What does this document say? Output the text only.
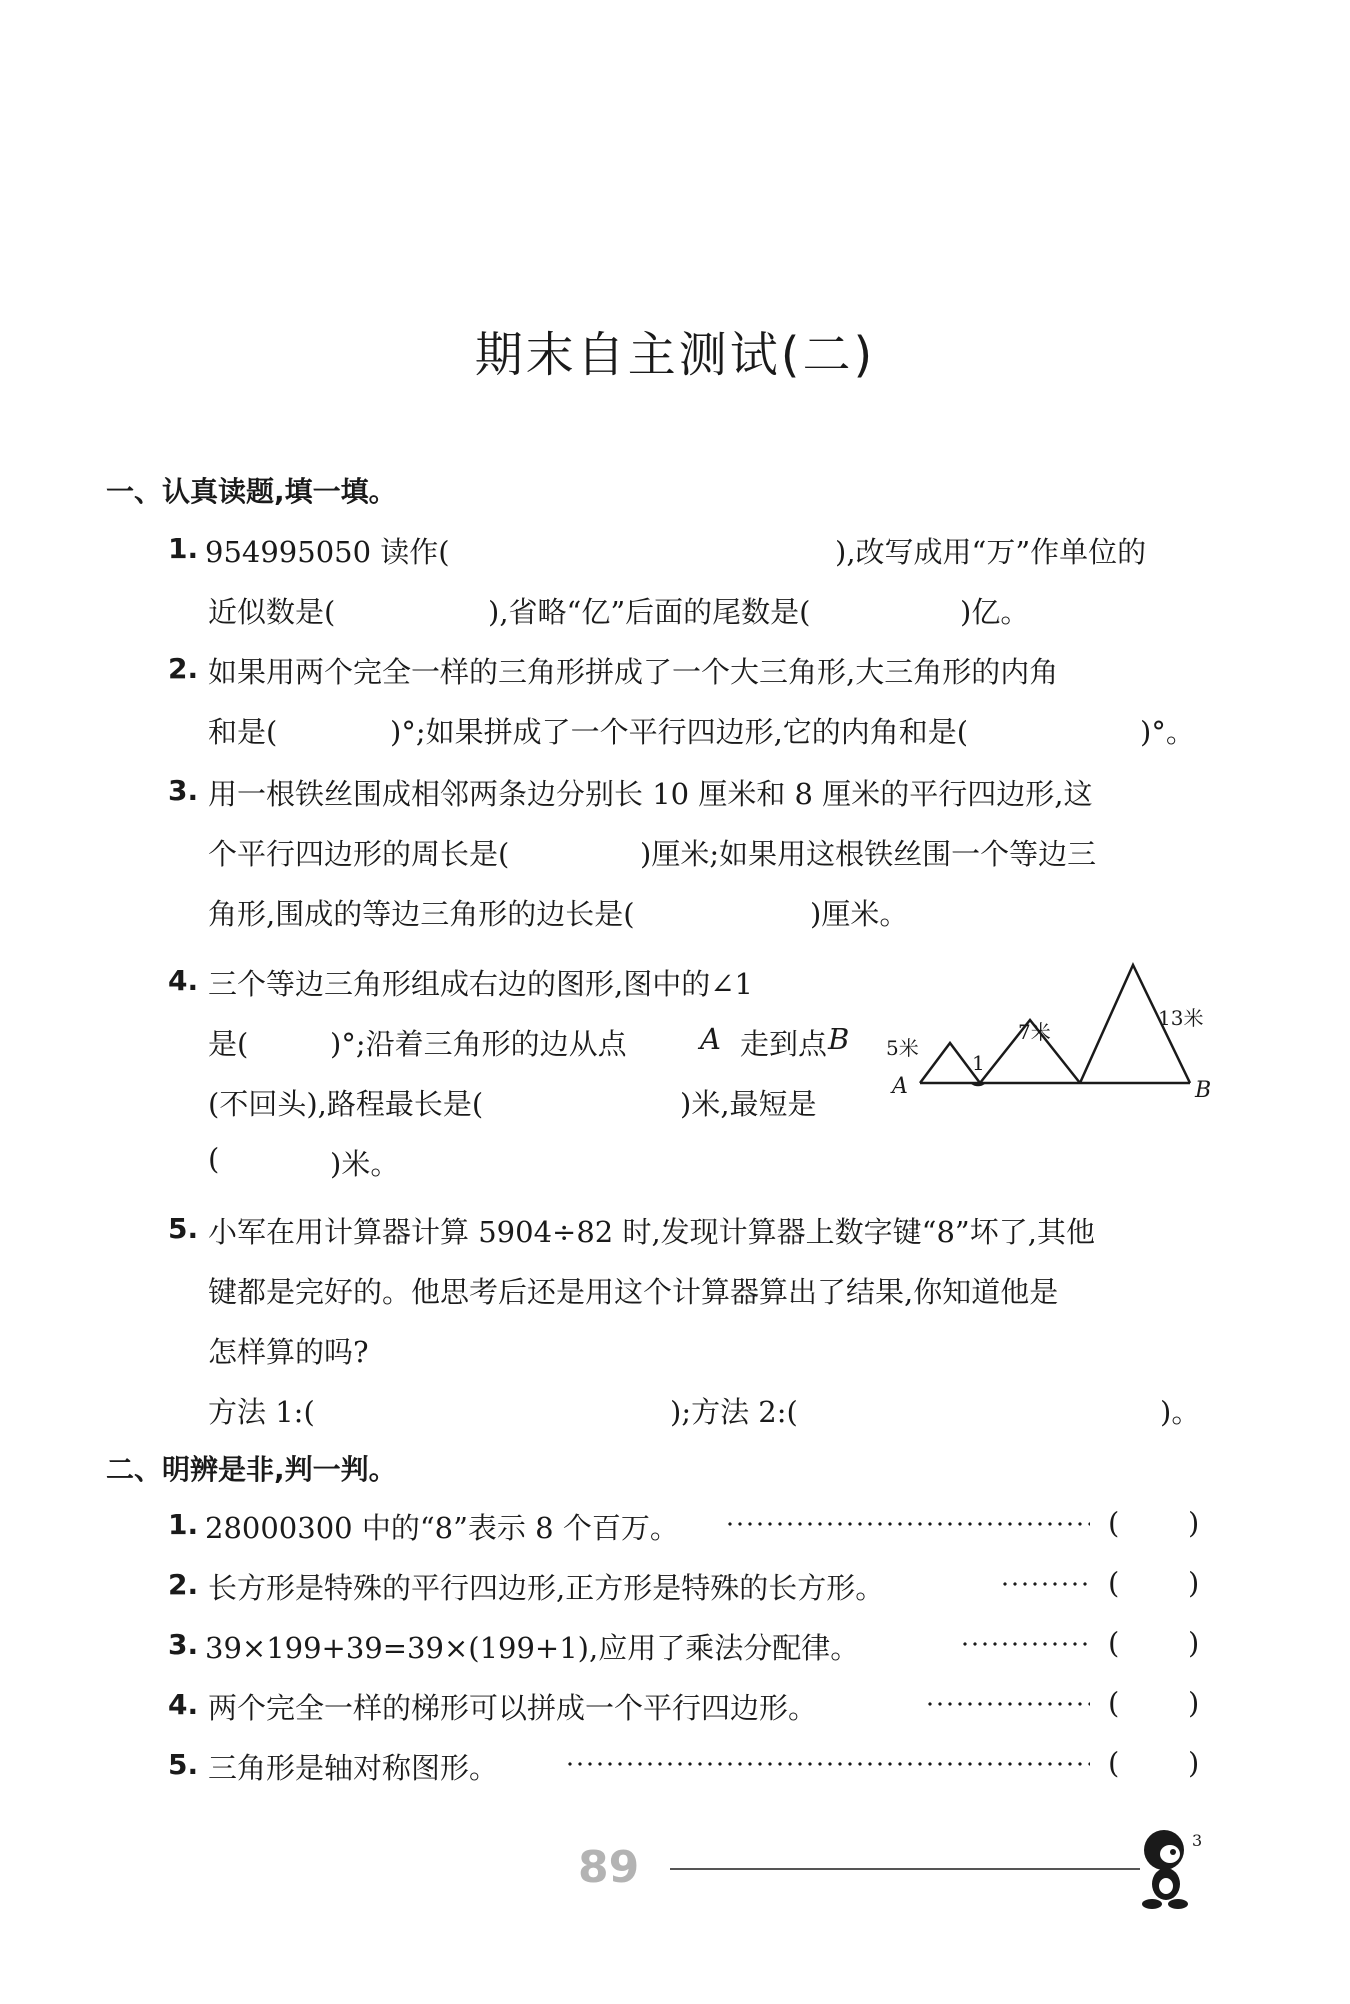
期末自主测试(二)
一、认真读题,填一填。
1. 954995050 读作(	),改写成用“万”作单位的
近似数是(	),省略“亿”后面的尾数是(	)亿。
2. 如果用两个完全一样的三角形拼成了一个大三角形,大三角形的内角
和是(	)°;如果拼成了一个平行四边形,它的内角和是(	)°。
3. 用一根铁丝围成相邻两条边分别长 10 厘米和 8 厘米的平行四边形,这
个平行四边形的周长是(	)厘米;如果用这根铁丝围一个等边三
角形,围成的等边三角形的边长是(	)厘米。
4. 三个等边三角形组成右边的图形,图中的∠1
是(	)°;沿着三角形的边从点	A 走到点 B
(不回头),路程最长是(	)米,最短是
(	)米。
5米
1
7米
13米
A	B
5. 小军在用计算器计算 5904÷82 时,发现计算器上数字键“8”坏了,其他
键都是完好的。他思考后还是用这个计算器算出了结果,你知道他是
怎样算的吗?
方法 1:(	);方法 2:(	)。
二、明辨是非,判一判。
1. 28000300 中的“8”表示 8 个百万。	( )
2. 长方形是特殊的平行四边形,正方形是特殊的长方形。	( )
3. 39×199+39=39×(199+1),应用了乘法分配律。	( )
4. 两个完全一样的梯形可以拼成一个平行四边形。	( )
5. 三角形是轴对称图形。	( )
89
3
